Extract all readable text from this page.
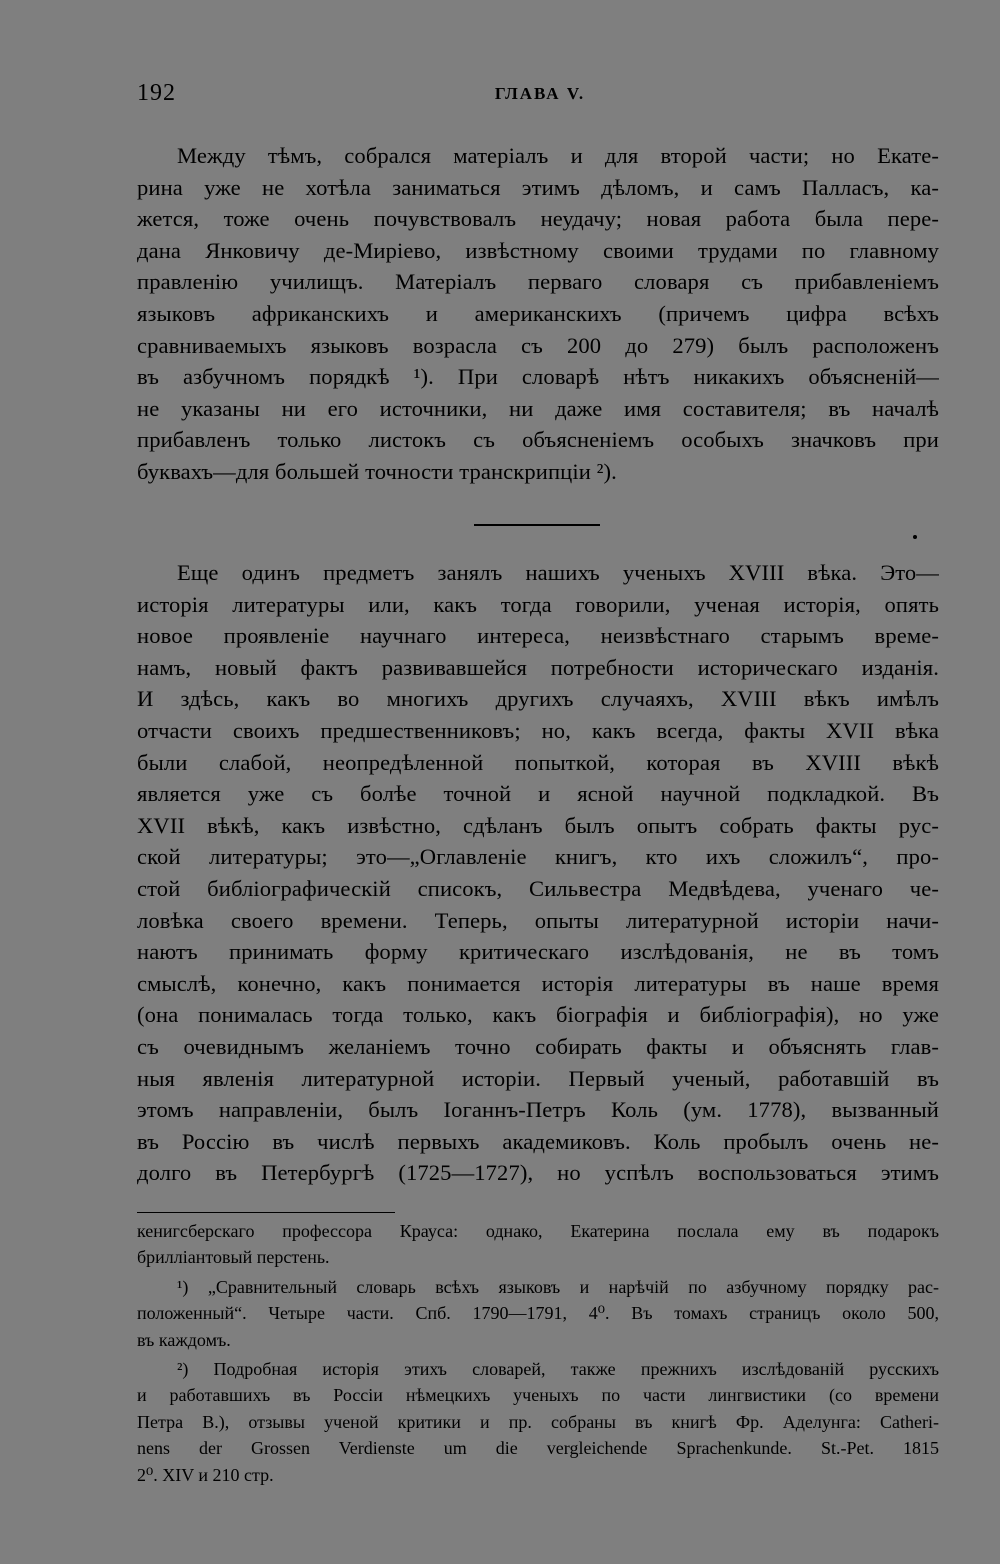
192	ГЛАВА V.
Между тѣмъ, собрался матеріалъ и для второй части; но Екате-
рина уже не хотѣла заниматься этимъ дѣломъ, и самъ Палласъ, ка-
жется, тоже очень почувствовалъ неудачу; новая работа была пере-
дана Янковичу де-Миріево, извѣстному своими трудами по главному
правленію училищъ. Матеріалъ перваго словаря съ прибавленіемъ
языковъ африканскихъ и американскихъ (причемъ цифра всѣхъ
сравниваемыхъ языковъ возрасла съ 200 до 279) былъ расположенъ
въ азбучномъ порядкѣ ¹). При словарѣ нѣтъ никакихъ объясненій—
не указаны ни его источники, ни даже имя составителя; въ началѣ
прибавленъ только листокъ съ объясненіемъ особыхъ значковъ при
буквахъ—для большей точности транскрипціи ²).
Еще одинъ предметъ занялъ нашихъ ученыхъ XVIII вѣка. Это—
исторія литературы или, какъ тогда говорили, ученая исторія, опять
новое проявленіе научнаго интереса, неизвѣстнаго старымъ време-
намъ, новый фактъ развивавшейся потребности историческаго изданія.
И здѣсь, какъ во многихъ другихъ случаяхъ, XVIII вѣкъ имѣлъ
отчасти своихъ предшественниковъ; но, какъ всегда, факты XVII вѣка
были слабой, неопредѣленной попыткой, которая въ XVIII вѣкѣ
является уже съ болѣе точной и ясной научной подкладкой. Въ
XVII вѣкѣ, какъ извѣстно, сдѣланъ былъ опытъ собрать факты рус-
ской литературы; это—„Оглавленіе книгъ, кто ихъ сложилъ“, про-
стой библіографическій списокъ, Сильвестра Медвѣдева, ученаго че-
ловѣка своего времени. Теперь, опыты литературной исторіи начи-
наютъ принимать форму критическаго изслѣдованія, не въ томъ
смыслѣ, конечно, какъ понимается исторія литературы въ наше время
(она понималась тогда только, какъ біографія и библіографія), но уже
съ очевиднымъ желаніемъ точно собирать факты и объяснять глав-
ныя явленія литературной исторіи. Первый ученый, работавшій въ
этомъ направленіи, былъ Іоганнъ-Петръ Коль (ум. 1778), вызванный
въ Россію въ числѣ первыхъ академиковъ. Коль пробылъ очень не-
долго въ Петербургѣ (1725—1727), но успѣлъ воспользоваться этимъ
кенигсберскаго профессора Крауса: однако, Екатерина послала ему въ подарокъ
брилліантовый перстень.
¹) „Сравнительный словарь всѣхъ языковъ и нарѣчій по азбучному порядку рас-
положенный“. Четыре части. Спб. 1790—1791, 4⁰. Въ томахъ страницъ около 500,
въ каждомъ.
²) Подробная исторія этихъ словарей, также прежнихъ изслѣдованій русскихъ
и работавшихъ въ Россіи нѣмецкихъ ученыхъ по части лингвистики (со времени
Петра В.), отзывы ученой критики и пр. собраны въ книгѣ Фр. Аделунга: Catheri-
nens der Grossen Verdienste um die vergleichende Sprachenkunde. St.-Pet. 1815
2⁰. XIV и 210 стр.
